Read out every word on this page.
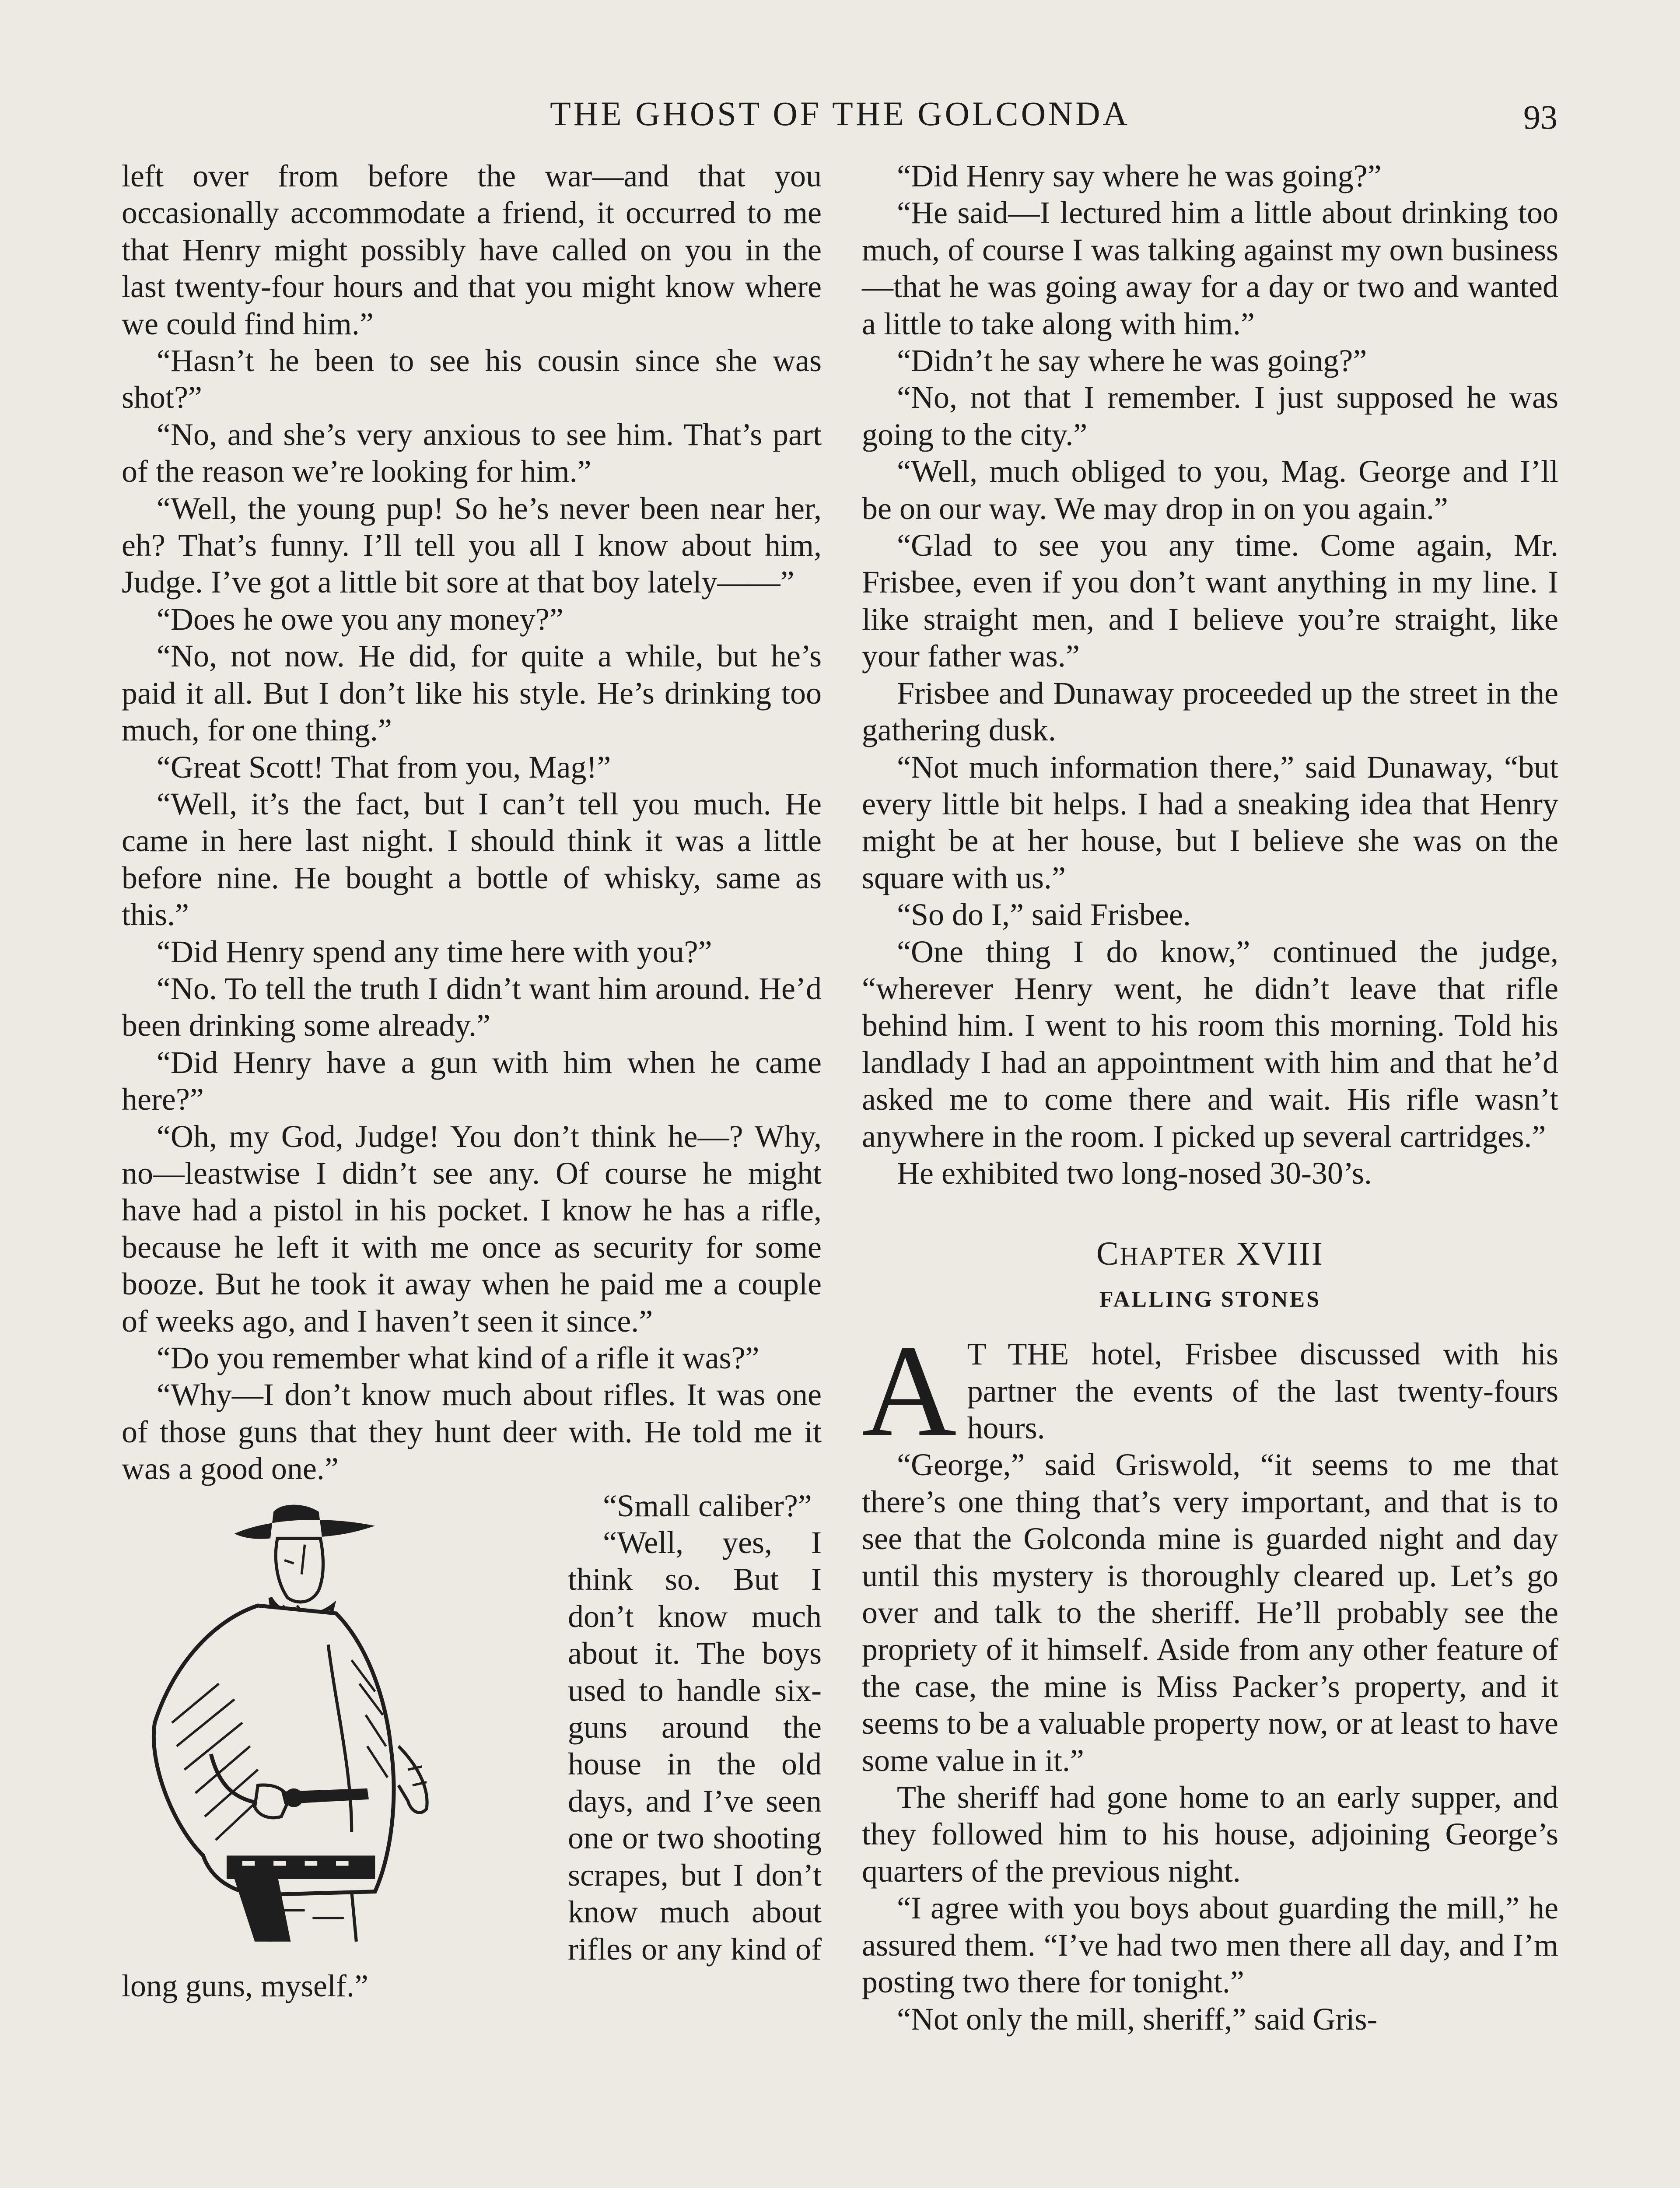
THE GHOST OF THE GOLCONDA	93

left over from before the war—and that you occasionally accommodate a friend, it occurred to me that Henry might possibly have called on you in the last twenty-four hours and that you might know where we could find him.”

“Hasn’t he been to see his cousin since she was shot?”

“No, and she’s very anxious to see him. That’s part of the reason we’re looking for him.”

“Well, the young pup! So he’s never been near her, eh? That’s funny. I’ll tell you all I know about him, Judge. I’ve got a little bit sore at that boy lately——”

“Does he owe you any money?”

“No, not now. He did, for quite a while, but he’s paid it all. But I don’t like his style. He’s drinking too much, for one thing.”

“Great Scott! That from you, Mag!”

“Well, it’s the fact, but I can’t tell you much. He came in here last night. I should think it was a little before nine. He bought a bottle of whisky, same as this.”

“Did Henry spend any time here with you?”

“No. To tell the truth I didn’t want him around. He’d been drinking some already.”

“Did Henry have a gun with him when he came here?”

“Oh, my God, Judge! You don’t think he—? Why, no—leastwise I didn’t see any. Of course he might have had a pistol in his pocket. I know he has a rifle, because he left it with me once as security for some booze. But he took it away when he paid me a couple of weeks ago, and I haven’t seen it since.”

“Do you remember what kind of a rifle it was?”

“Why—I don’t know much about rifles. It was one of those guns that they hunt deer with. He told me it was a good one.”

“Small caliber?”

“Well, yes, I think so. But I don’t know much about it. The boys used to handle six-guns around the house in the old days, and I’ve seen one or two shooting scrapes, but I don’t know much about rifles or any kind of long guns, myself.”

“Did Henry say where he was going?”

“He said—I lectured him a little about drinking too much, of course I was talking against my own business—that he was going away for a day or two and wanted a little to take along with him.”

“Didn’t he say where he was going?”

“No, not that I remember. I just supposed he was going to the city.”

“Well, much obliged to you, Mag. George and I’ll be on our way. We may drop in on you again.”

“Glad to see you any time. Come again, Mr. Frisbee, even if you don’t want anything in my line. I like straight men, and I believe you’re straight, like your father was.”

Frisbee and Dunaway proceeded up the street in the gathering dusk.

“Not much information there,” said Dunaway, “but every little bit helps. I had a sneaking idea that Henry might be at her house, but I believe she was on the square with us.”

“So do I,” said Frisbee.

“One thing I do know,” continued the judge, “wherever Henry went, he didn’t leave that rifle behind him. I went to his room this morning. Told his landlady I had an appointment with him and that he’d asked me to come there and wait. His rifle wasn’t anywhere in the room. I picked up several cartridges.”

He exhibited two long-nosed 30-30’s.

CHAPTER XVIII
FALLING STONES

A T THE hotel, Frisbee discussed with his partner the events of the last twenty-fours hours.

“George,” said Griswold, “it seems to me that there’s one thing that’s very important, and that is to see that the Golconda mine is guarded night and day until this mystery is thoroughly cleared up. Let’s go over and talk to the sheriff. He’ll probably see the propriety of it himself. Aside from any other feature of the case, the mine is Miss Packer’s property, and it seems to be a valuable property now, or at least to have some value in it.”

The sheriff had gone home to an early supper, and they followed him to his house, adjoining George’s quarters of the previous night.

“I agree with you boys about guarding the mill,” he assured them. “I’ve had two men there all day, and I’m posting two there for tonight.”

“Not only the mill, sheriff,” said Gris-
